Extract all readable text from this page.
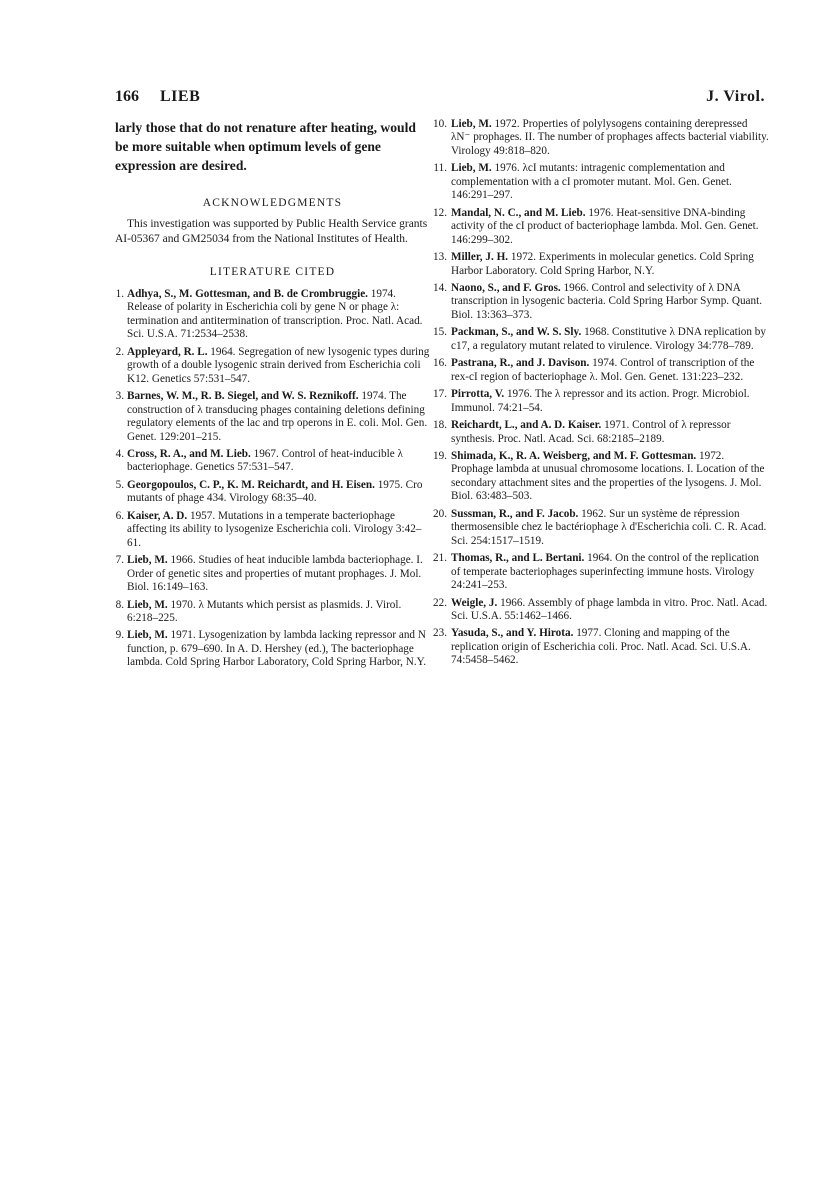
166 LIEB	J. Virol.

larly those that do not renature after heating, would be more suitable when optimum levels of gene expression are desired.

ACKNOWLEDGMENTS

This investigation was supported by Public Health Service grants AI-05367 and GM25034 from the National Institutes of Health.

LITERATURE CITED
1. Adhya, S., M. Gottesman, and B. de Crombruggie. 1974. Release of polarity in Escherichia coli by gene N or phage λ: termination and antitermination of transcription. Proc. Natl. Acad. Sci. U.S.A. 71:2534–2538.
2. Appleyard, R. L. 1964. Segregation of new lysogenic types during growth of a double lysogenic strain derived from Escherichia coli K12. Genetics 57:531–547.
3. Barnes, W. M., R. B. Siegel, and W. S. Reznikoff. 1974. The construction of λ transducing phages containing deletions defining regulatory elements of the lac and trp operons in E. coli. Mol. Gen. Genet. 129:201–215.
4. Cross, R. A., and M. Lieb. 1967. Control of heat-inducible λ bacteriophage. Genetics 57:531–547.
5. Georgopoulos, C. P., K. M. Reichardt, and H. Eisen. 1975. Cro mutants of phage 434. Virology 68:35–40.
6. Kaiser, A. D. 1957. Mutations in a temperate bacteriophage affecting its ability to lysogenize Escherichia coli. Virology 3:42–61.
7. Lieb, M. 1966. Studies of heat inducible lambda bacteriophage. I. Order of genetic sites and properties of mutant prophages. J. Mol. Biol. 16:149–163.
8. Lieb, M. 1970. λ Mutants which persist as plasmids. J. Virol. 6:218–225.
9. Lieb, M. 1971. Lysogenization by lambda lacking repressor and N function, p. 679–690. In A. D. Hershey (ed.), The bacteriophage lambda. Cold Spring Harbor Laboratory, Cold Spring Harbor, N.Y.
10. Lieb, M. 1972. Properties of polylysogens containing derepressed λN⁻ prophages. II. The number of prophages affects bacterial viability. Virology 49:818–820.
11. Lieb, M. 1976. λcI mutants: intragenic complementation and complementation with a cI promoter mutant. Mol. Gen. Genet. 146:291–297.
12. Mandal, N. C., and M. Lieb. 1976. Heat-sensitive DNA-binding activity of the cI product of bacteriophage lambda. Mol. Gen. Genet. 146:299–302.
13. Miller, J. H. 1972. Experiments in molecular genetics. Cold Spring Harbor Laboratory. Cold Spring Harbor, N.Y.
14. Naono, S., and F. Gros. 1966. Control and selectivity of λ DNA transcription in lysogenic bacteria. Cold Spring Harbor Symp. Quant. Biol. 13:363–373.
15. Packman, S., and W. S. Sly. 1968. Constitutive λ DNA replication by c17, a regulatory mutant related to virulence. Virology 34:778–789.
16. Pastrana, R., and J. Davison. 1974. Control of transcription of the rex-cI region of bacteriophage λ. Mol. Gen. Genet. 131:223–232.
17. Pirrotta, V. 1976. The λ repressor and its action. Progr. Microbiol. Immunol. 74:21–54.
18. Reichardt, L., and A. D. Kaiser. 1971. Control of λ repressor synthesis. Proc. Natl. Acad. Sci. 68:2185–2189.
19. Shimada, K., R. A. Weisberg, and M. F. Gottesman. 1972. Prophage lambda at unusual chromosome locations. I. Location of the secondary attachment sites and the properties of the lysogens. J. Mol. Biol. 63:483–503.
20. Sussman, R., and F. Jacob. 1962. Sur un système de répression thermosensible chez le bactériophage λ d'Escherichia coli. C. R. Acad. Sci. 254:1517–1519.
21. Thomas, R., and L. Bertani. 1964. On the control of the replication of temperate bacteriophages superinfecting immune hosts. Virology 24:241–253.
22. Weigle, J. 1966. Assembly of phage lambda in vitro. Proc. Natl. Acad. Sci. U.S.A. 55:1462–1466.
23. Yasuda, S., and Y. Hirota. 1977. Cloning and mapping of the replication origin of Escherichia coli. Proc. Natl. Acad. Sci. U.S.A. 74:5458–5462.
